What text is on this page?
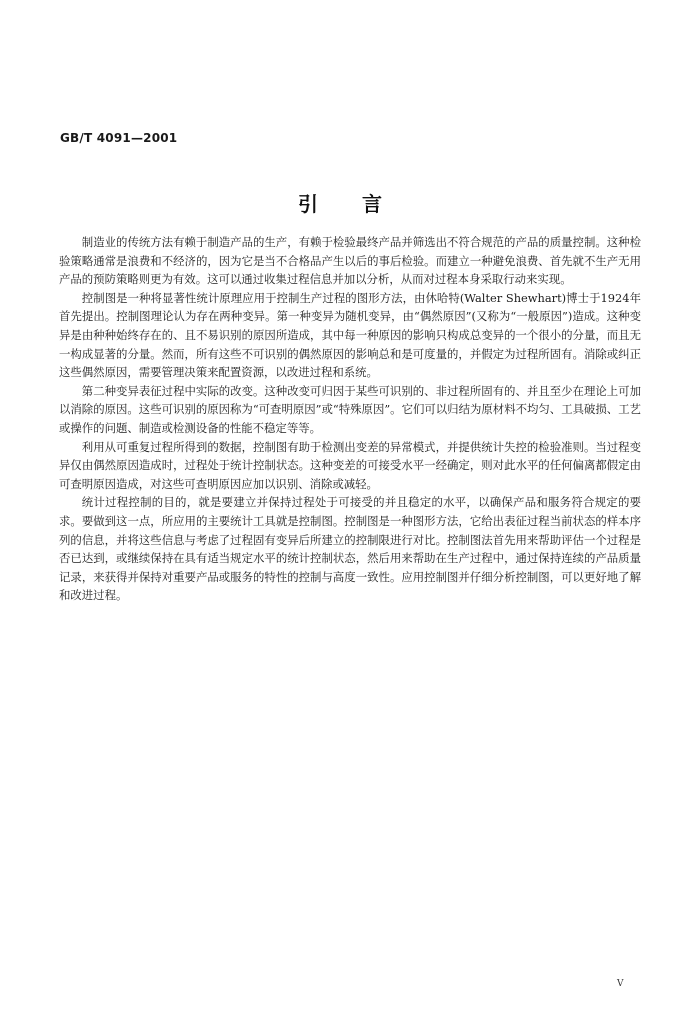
GB/T 4091—2001
引言

制造业的传统方法有赖于制造产品的生产，有赖于检验最终产品并筛选出不符合规范的产品的质量控制。这种检验策略通常是浪费和不经济的，因为它是当不合格品产生以后的事后检验。而建立一种避免浪费、首先就不生产无用产品的预防策略则更为有效。这可以通过收集过程信息并加以分析，从而对过程本身采取行动来实现。

控制图是一种将显著性统计原理应用于控制生产过程的图形方法，由休哈特(Walter Shewhart)博士于1924年首先提出。控制图理论认为存在两种变异。第一种变异为随机变异，由“偶然原因”(又称为“一般原因”)造成。这种变异是由种种始终存在的、且不易识别的原因所造成，其中每一种原因的影响只构成总变异的一个很小的分量，而且无一构成显著的分量。然而，所有这些不可识别的偶然原因的影响总和是可度量的，并假定为过程所固有。消除或纠正这些偶然原因，需要管理决策来配置资源，以改进过程和系统。

第二种变异表征过程中实际的改变。这种改变可归因于某些可识别的、非过程所固有的、并且至少在理论上可加以消除的原因。这些可识别的原因称为“可查明原因”或“特殊原因”。它们可以归结为原材料不均匀、工具破损、工艺或操作的问题、制造或检测设备的性能不稳定等等。

利用从可重复过程所得到的数据，控制图有助于检测出变差的异常模式，并提供统计失控的检验准则。当过程变异仅由偶然原因造成时，过程处于统计控制状态。这种变差的可接受水平一经确定，则对此水平的任何偏离都假定由可查明原因造成，对这些可查明原因应加以识别、消除或减轻。

统计过程控制的目的，就是要建立并保持过程处于可接受的并且稳定的水平，以确保产品和服务符合规定的要求。要做到这一点，所应用的主要统计工具就是控制图。控制图是一种图形方法，它给出表征过程当前状态的样本序列的信息，并将这些信息与考虑了过程固有变异后所建立的控制限进行对比。控制图法首先用来帮助评估一个过程是否已达到，或继续保持在具有适当规定水平的统计控制状态，然后用来帮助在生产过程中，通过保持连续的产品质量记录，来获得并保持对重要产品或服务的特性的控制与高度一致性。应用控制图并仔细分析控制图，可以更好地了解和改进过程。

Ⅴ
